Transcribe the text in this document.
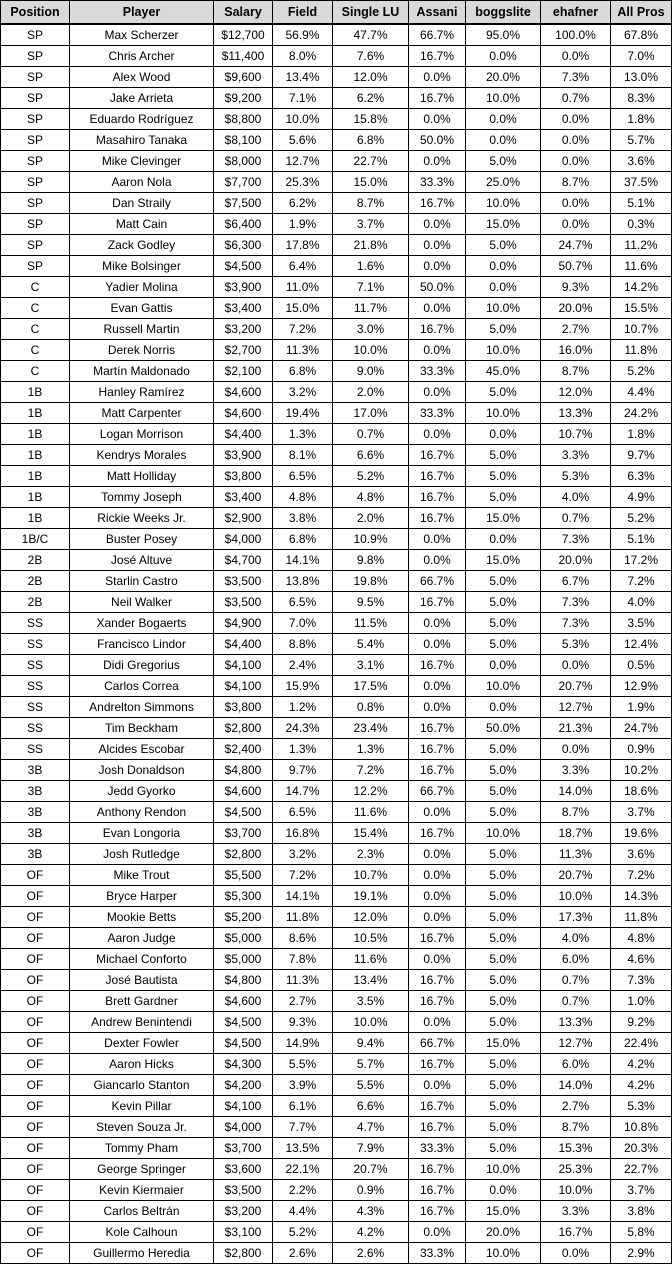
Position	Player	Salary	Field	Single LU	Assani	boggslite	ehafner	All Pros
SP	Max Scherzer	$12,700	56.9%	47.7%	66.7%	95.0%	100.0%	67.8%
SP	Chris Archer	$11,400	8.0%	7.6%	16.7%	0.0%	0.0%	7.0%
SP	Alex Wood	$9,600	13.4%	12.0%	0.0%	20.0%	7.3%	13.0%
SP	Jake Arrieta	$9,200	7.1%	6.2%	16.7%	10.0%	0.7%	8.3%
SP	Eduardo Rodríguez	$8,800	10.0%	15.8%	0.0%	0.0%	0.0%	1.8%
SP	Masahiro Tanaka	$8,100	5.6%	6.8%	50.0%	0.0%	0.0%	5.7%
SP	Mike Clevinger	$8,000	12.7%	22.7%	0.0%	5.0%	0.0%	3.6%
SP	Aaron Nola	$7,700	25.3%	15.0%	33.3%	25.0%	8.7%	37.5%
SP	Dan Straily	$7,500	6.2%	8.7%	16.7%	10.0%	0.0%	5.1%
SP	Matt Cain	$6,400	1.9%	3.7%	0.0%	15.0%	0.0%	0.3%
SP	Zack Godley	$6,300	17.8%	21.8%	0.0%	5.0%	24.7%	11.2%
SP	Mike Bolsinger	$4,500	6.4%	1.6%	0.0%	0.0%	50.7%	11.6%
C	Yadier Molina	$3,900	11.0%	7.1%	50.0%	0.0%	9.3%	14.2%
C	Evan Gattis	$3,400	15.0%	11.7%	0.0%	10.0%	20.0%	15.5%
C	Russell Martin	$3,200	7.2%	3.0%	16.7%	5.0%	2.7%	10.7%
C	Derek Norris	$2,700	11.3%	10.0%	0.0%	10.0%	16.0%	11.8%
C	Martín Maldonado	$2,100	6.8%	9.0%	33.3%	45.0%	8.7%	5.2%
1B	Hanley Ramírez	$4,600	3.2%	2.0%	0.0%	5.0%	12.0%	4.4%
1B	Matt Carpenter	$4,600	19.4%	17.0%	33.3%	10.0%	13.3%	24.2%
1B	Logan Morrison	$4,400	1.3%	0.7%	0.0%	0.0%	10.7%	1.8%
1B	Kendrys Morales	$3,900	8.1%	6.6%	16.7%	5.0%	3.3%	9.7%
1B	Matt Holliday	$3,800	6.5%	5.2%	16.7%	5.0%	5.3%	6.3%
1B	Tommy Joseph	$3,400	4.8%	4.8%	16.7%	5.0%	4.0%	4.9%
1B	Rickie Weeks Jr.	$2,900	3.8%	2.0%	16.7%	15.0%	0.7%	5.2%
1B/C	Buster Posey	$4,000	6.8%	10.9%	0.0%	0.0%	7.3%	5.1%
2B	José Altuve	$4,700	14.1%	9.8%	0.0%	15.0%	20.0%	17.2%
2B	Starlin Castro	$3,500	13.8%	19.8%	66.7%	5.0%	6.7%	7.2%
2B	Neil Walker	$3,500	6.5%	9.5%	16.7%	5.0%	7.3%	4.0%
SS	Xander Bogaerts	$4,900	7.0%	11.5%	0.0%	5.0%	7.3%	3.5%
SS	Francisco Lindor	$4,400	8.8%	5.4%	0.0%	5.0%	5.3%	12.4%
SS	Didi Gregorius	$4,100	2.4%	3.1%	16.7%	0.0%	0.0%	0.5%
SS	Carlos Correa	$4,100	15.9%	17.5%	0.0%	10.0%	20.7%	12.9%
SS	Andrelton Simmons	$3,800	1.2%	0.8%	0.0%	0.0%	12.7%	1.9%
SS	Tim Beckham	$2,800	24.3%	23.4%	16.7%	50.0%	21.3%	24.7%
SS	Alcides Escobar	$2,400	1.3%	1.3%	16.7%	5.0%	0.0%	0.9%
3B	Josh Donaldson	$4,800	9.7%	7.2%	16.7%	5.0%	3.3%	10.2%
3B	Jedd Gyorko	$4,600	14.7%	12.2%	66.7%	5.0%	14.0%	18.6%
3B	Anthony Rendon	$4,500	6.5%	11.6%	0.0%	5.0%	8.7%	3.7%
3B	Evan Longoria	$3,700	16.8%	15.4%	16.7%	10.0%	18.7%	19.6%
3B	Josh Rutledge	$2,800	3.2%	2.3%	0.0%	5.0%	11.3%	3.6%
OF	Mike Trout	$5,500	7.2%	10.7%	0.0%	5.0%	20.7%	7.2%
OF	Bryce Harper	$5,300	14.1%	19.1%	0.0%	5.0%	10.0%	14.3%
OF	Mookie Betts	$5,200	11.8%	12.0%	0.0%	5.0%	17.3%	11.8%
OF	Aaron Judge	$5,000	8.6%	10.5%	16.7%	5.0%	4.0%	4.8%
OF	Michael Conforto	$5,000	7.8%	11.6%	0.0%	5.0%	6.0%	4.6%
OF	José Bautista	$4,800	11.3%	13.4%	16.7%	5.0%	0.7%	7.3%
OF	Brett Gardner	$4,600	2.7%	3.5%	16.7%	5.0%	0.7%	1.0%
OF	Andrew Benintendi	$4,500	9.3%	10.0%	0.0%	5.0%	13.3%	9.2%
OF	Dexter Fowler	$4,500	14.9%	9.4%	66.7%	15.0%	12.7%	22.4%
OF	Aaron Hicks	$4,300	5.5%	5.7%	16.7%	5.0%	6.0%	4.2%
OF	Giancarlo Stanton	$4,200	3.9%	5.5%	0.0%	5.0%	14.0%	4.2%
OF	Kevin Pillar	$4,100	6.1%	6.6%	16.7%	5.0%	2.7%	5.3%
OF	Steven Souza Jr.	$4,000	7.7%	4.7%	16.7%	5.0%	8.7%	10.8%
OF	Tommy Pham	$3,700	13.5%	7.9%	33.3%	5.0%	15.3%	20.3%
OF	George Springer	$3,600	22.1%	20.7%	16.7%	10.0%	25.3%	22.7%
OF	Kevin Kiermaier	$3,500	2.2%	0.9%	16.7%	0.0%	10.0%	3.7%
OF	Carlos Beltrán	$3,200	4.4%	4.3%	16.7%	15.0%	3.3%	3.8%
OF	Kole Calhoun	$3,100	5.2%	4.2%	0.0%	20.0%	16.7%	5.8%
OF	Guillermo Heredia	$2,800	2.6%	2.6%	33.3%	10.0%	0.0%	2.9%
